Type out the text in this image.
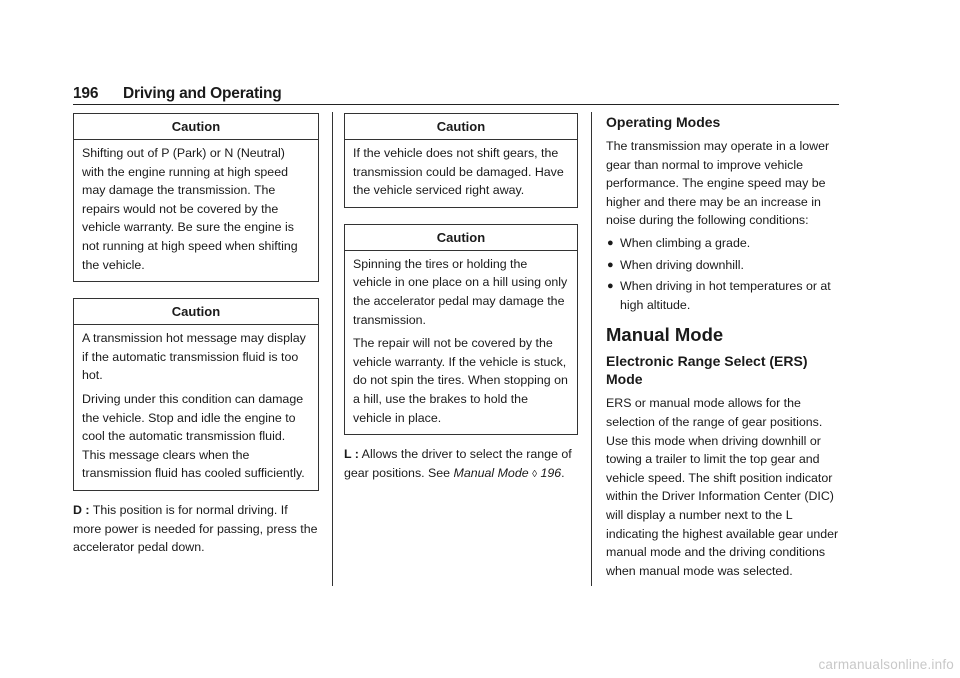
196 Driving and Operating
Caution

Shifting out of P (Park) or N (Neutral) with the engine running at high speed may damage the transmission. The repairs would not be covered by the vehicle warranty. Be sure the engine is not running at high speed when shifting the vehicle.

Caution

A transmission hot message may display if the automatic transmission fluid is too hot.

Driving under this condition can damage the vehicle. Stop and idle the engine to cool the automatic transmission fluid. This message clears when the transmission fluid has cooled sufficiently.

D : This position is for normal driving. If more power is needed for passing, press the accelerator pedal down.

Caution

If the vehicle does not shift gears, the transmission could be damaged. Have the vehicle serviced right away.

Caution

Spinning the tires or holding the vehicle in one place on a hill using only the accelerator pedal may damage the transmission.

The repair will not be covered by the vehicle warranty. If the vehicle is stuck, do not spin the tires. When stopping on a hill, use the brakes to hold the vehicle in place.

L : Allows the driver to select the range of gear positions. See Manual Mode ◊ 196.

Operating Modes

The transmission may operate in a lower gear than normal to improve vehicle performance. The engine speed may be higher and there may be an increase in noise during the following conditions:

● When climbing a grade.
● When driving downhill.
● When driving in hot temperatures or at high altitude.
Manual Mode
Electronic Range Select (ERS) Mode

ERS or manual mode allows for the selection of the range of gear positions. Use this mode when driving downhill or towing a trailer to limit the top gear and vehicle speed. The shift position indicator within the Driver Information Center (DIC) will display a number next to the L indicating the highest available gear under manual mode and the driving conditions when manual mode was selected.

carmanualsonline.info
